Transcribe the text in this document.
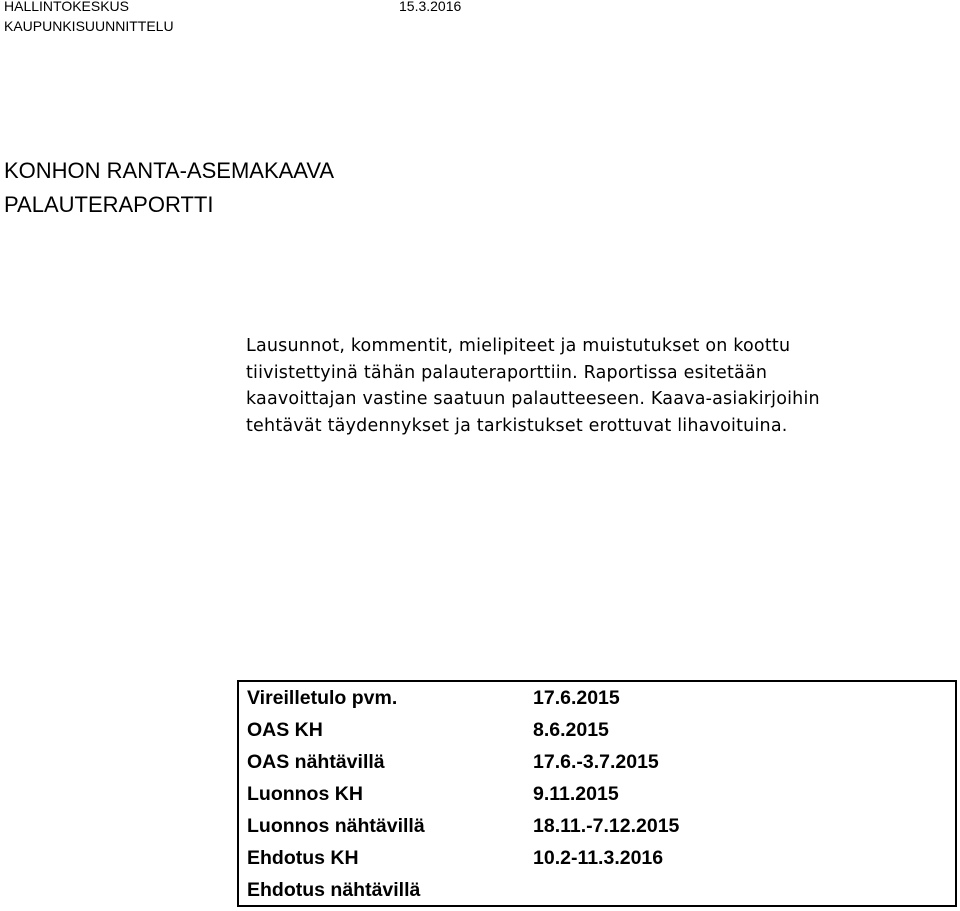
HALLINTOKESKUS	15.3.2016
KAUPUNKISUUNNITTELU
KONHON RANTA-ASEMAKAAVA
PALAUTERAPORTTI
Lausunnot, kommentit, mielipiteet ja muistutukset on koottu
tiivistettyinä tähän palauteraporttiin. Raportissa esitetään
kaavoittajan vastine saatuun palautteeseen. Kaava-asiakirjoihin
tehtävät täydennykset ja tarkistukset erottuvat lihavoituina.
Vireilletulo pvm.	17.6.2015
OAS KH	8.6.2015
OAS nähtävillä	17.6.-3.7.2015
Luonnos KH	9.11.2015
Luonnos nähtävillä	18.11.-7.12.2015
Ehdotus KH	10.2-11.3.2016
Ehdotus nähtävillä
